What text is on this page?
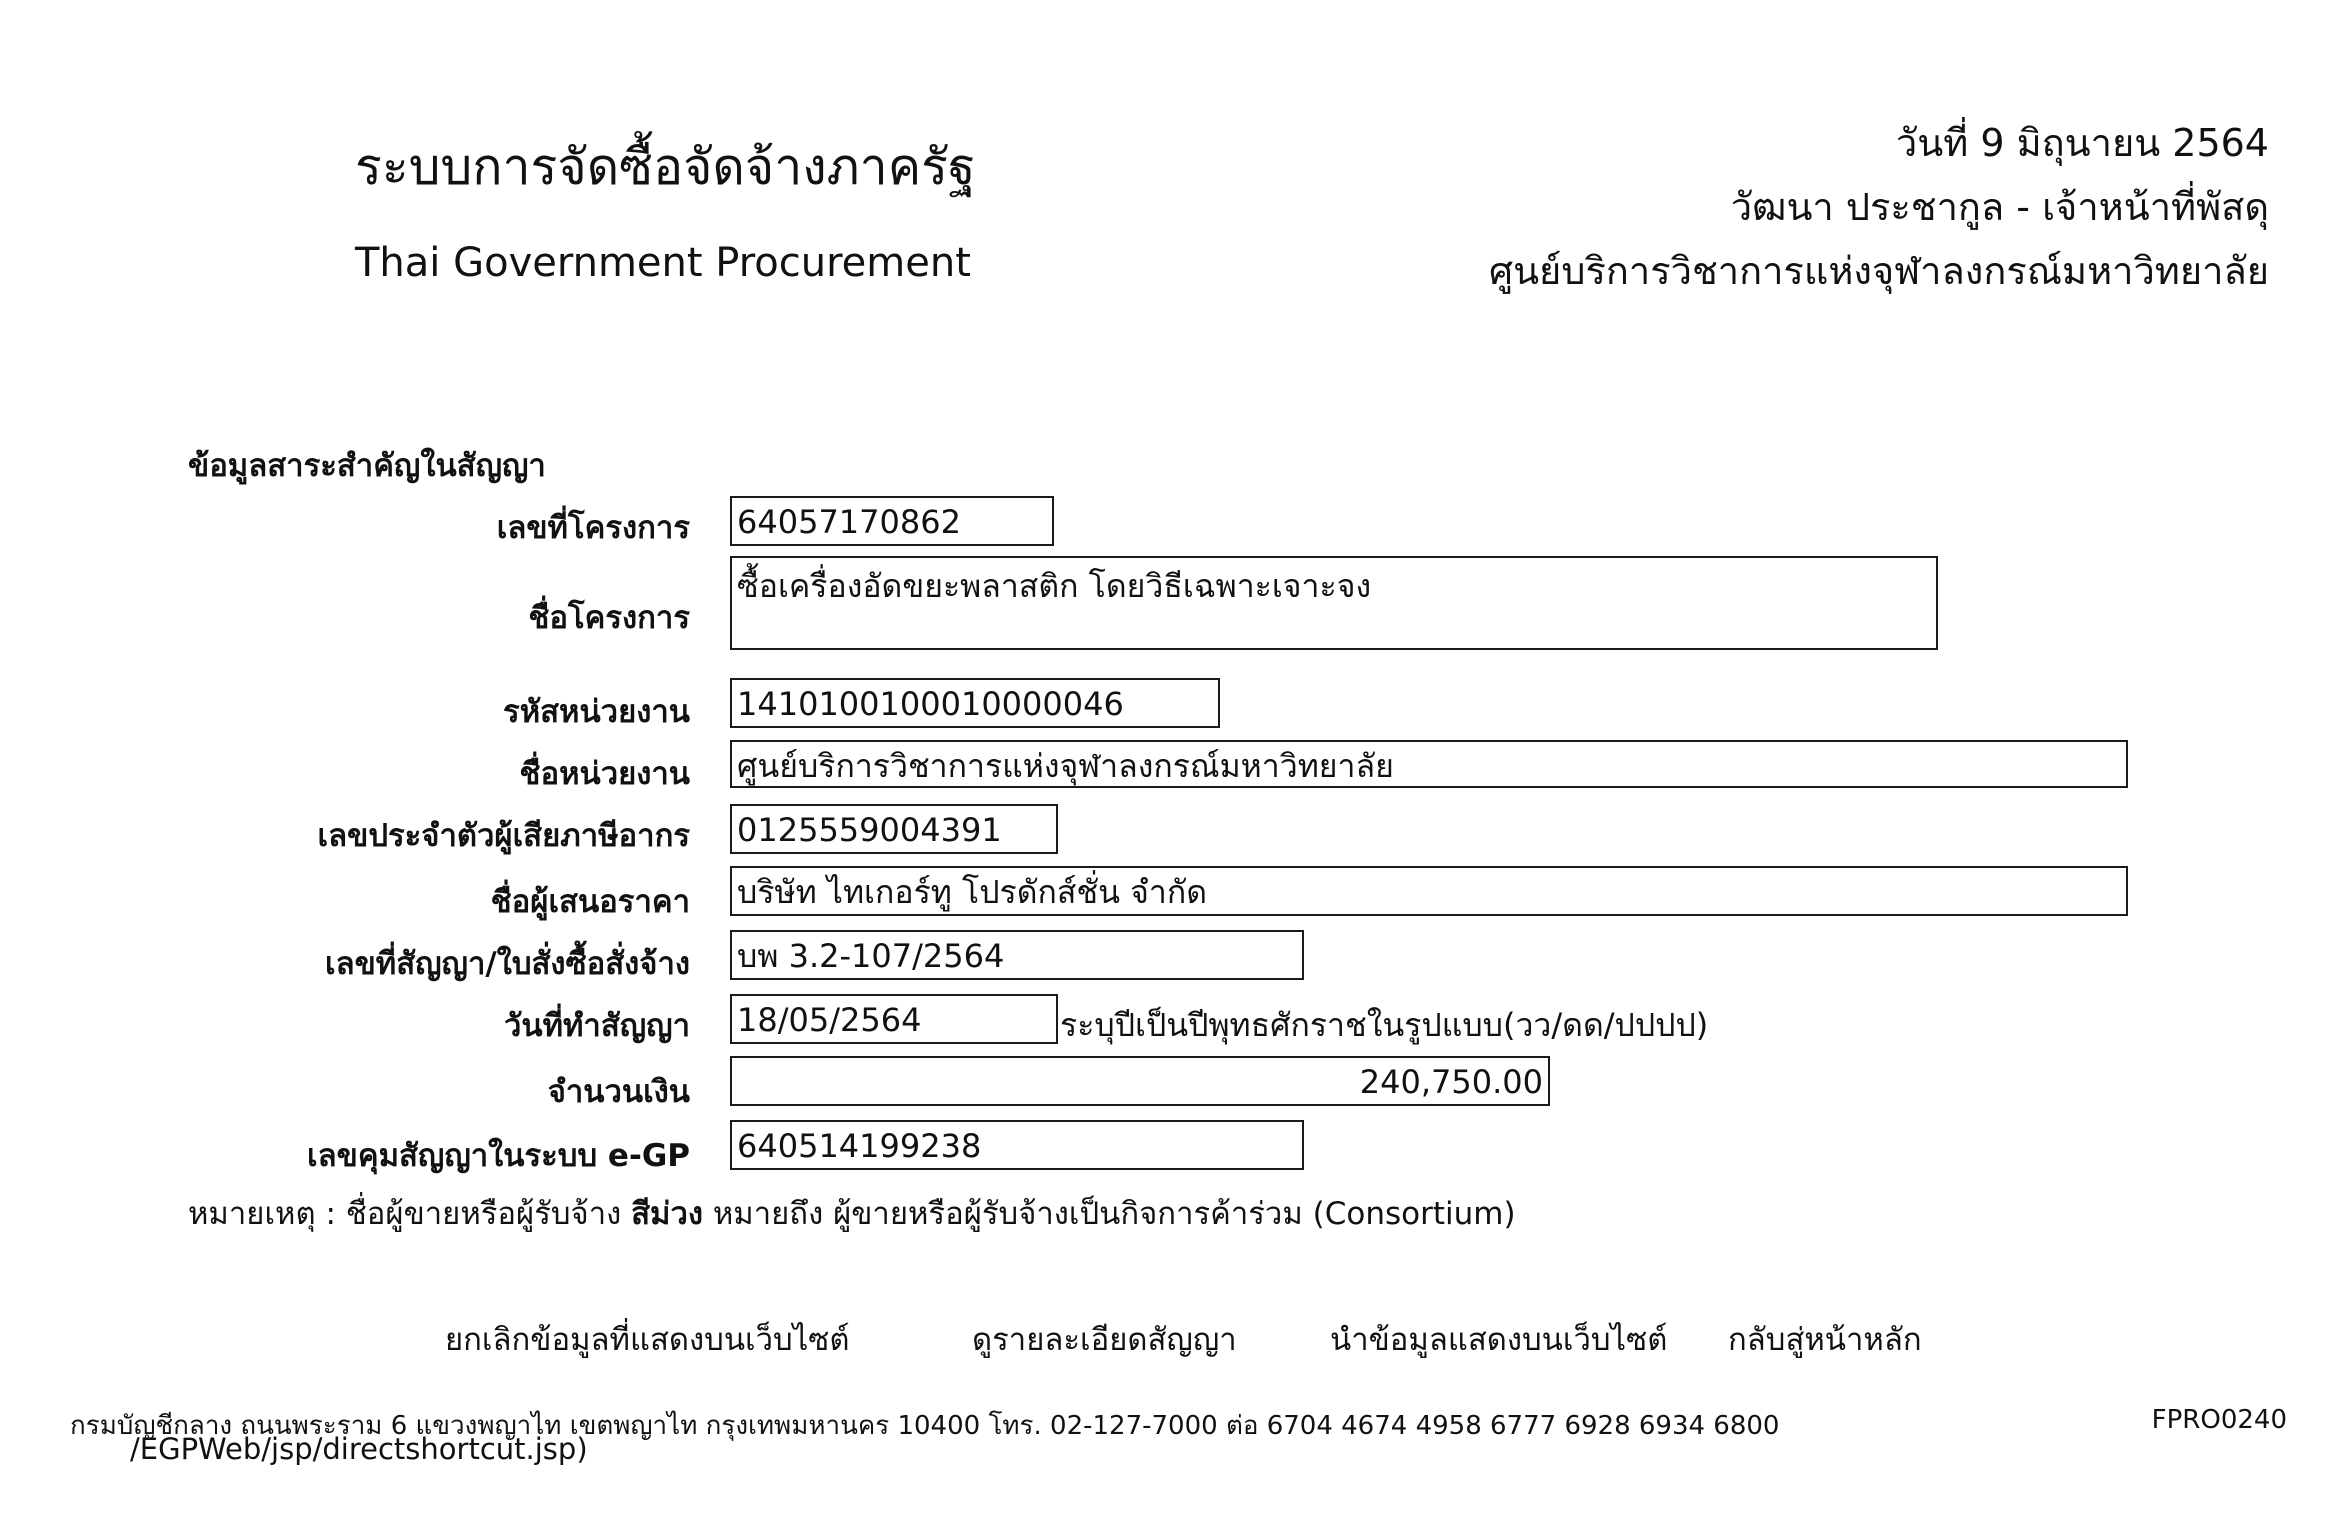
ระบบการจัดซื้อจัดจ้างภาครัฐ
Thai Government Procurement
วันที่ 9 มิถุนายน 2564
วัฒนา ประชากูล - เจ้าหน้าที่พัสดุ
ศูนย์บริการวิชาการแห่งจุฬาลงกรณ์มหาวิทยาลัย
ข้อมูลสาระสำคัญในสัญญา
เลขที่โครงการ 64057170862
ชื่อโครงการ
ซื้อเครื่องอัดขยะพลาสติก โดยวิธีเฉพาะเจาะจง
รหัสหน่วยงาน 1410100100010000046
ชื่อหน่วยงาน ศูนย์บริการวิชาการแห่งจุฬาลงกรณ์มหาวิทยาลัย
เลขประจำตัวผู้เสียภาษีอากร 0125559004391
ชื่อผู้เสนอราคา บริษัท ไทเกอร์ทู โปรดักส์ชั่น จำกัด
เลขที่สัญญา/ใบสั่งซื้อสั่งจ้าง บพ 3.2-107/2564
วันที่ทำสัญญา 18/05/2564	ระบุปีเป็นปีพุทธศักราชในรูปแบบ(วว/ดด/ปปปป)
จำนวนเงิน	240,750.00
เลขคุมสัญญาในระบบ e-GP 640514199238
หมายเหตุ : ชื่อผู้ขายหรือผู้รับจ้าง สีม่วง หมายถึง ผู้ขายหรือผู้รับจ้างเป็นกิจการค้าร่วม (Consortium)
ยกเลิกข้อมูลที่แสดงบนเว็บไซต์	ดูรายละเอียดสัญญา	นำข้อมูลแสดงบนเว็บไซต์ กลับสู่หน้าหลัก
กรมบัญชีกลาง ถนนพระราม 6 แขวงพญาไท เขตพญาไท กรุงเทพมหานคร 10400 โทร. 02-127-7000 ต่อ 6704 4674 4958 6777 6928 6934 6800	FPRO0240
/EGPWeb/jsp/directshortcut.jsp)
